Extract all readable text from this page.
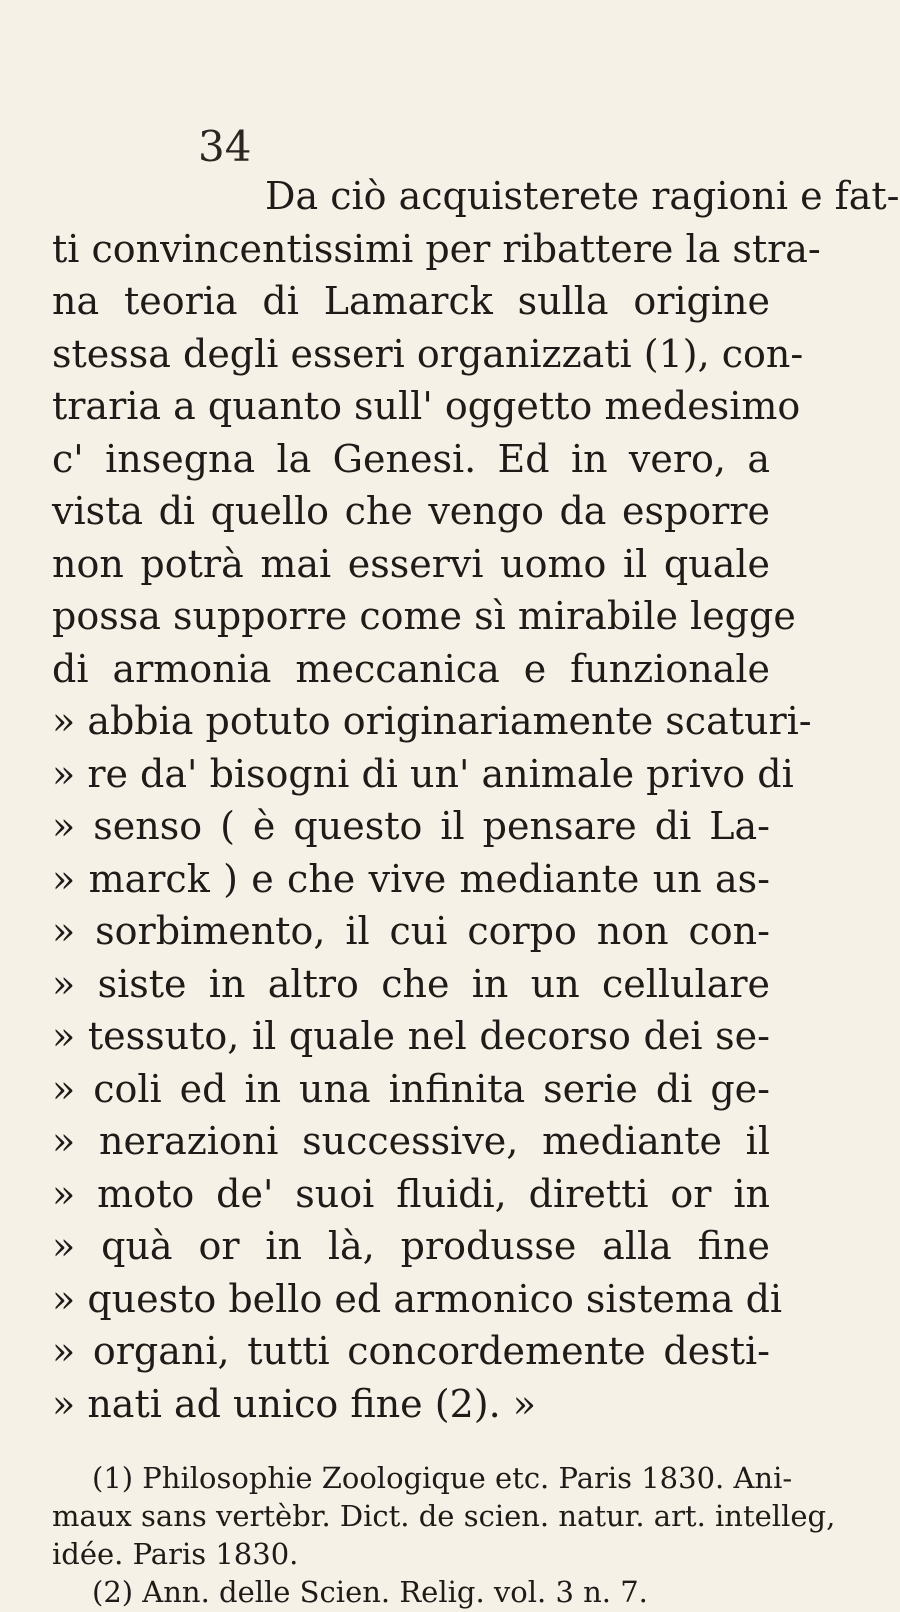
34
Da ciò acquisterete ragioni e fat-
ti convincentissimi per ribattere la stra-
na teoria di Lamarck sulla origine
stessa degli esseri organizzati (1), con-
traria a quanto sull' oggetto medesimo
c' insegna la Genesi. Ed in vero, a
vista di quello che vengo da esporre
non potrà mai esservi uomo il quale
possa supporre come sì mirabile legge
di armonia meccanica e funzionale
» abbia potuto originariamente scaturi-
» re da' bisogni di un' animale privo di
» senso ( è questo il pensare di La-
» marck ) e che vive mediante un as-
» sorbimento, il cui corpo non con-
» siste in altro che in un cellulare
» tessuto, il quale nel decorso dei se-
» coli ed in una infinita serie di ge-
» nerazioni successive, mediante il
» moto de' suoi fluidi, diretti or in
» quà or in là, produsse alla fine
» questo bello ed armonico sistema di
» organi, tutti concordemente desti-
» nati ad unico fine (2). »
(1) Philosophie Zoologique etc. Paris 1830. Ani-
maux sans vertèbr. Dict. de scien. natur. art. intelleg,
idée. Paris 1830.
(2) Ann. delle Scien. Relig. vol. 3 n. 7.
